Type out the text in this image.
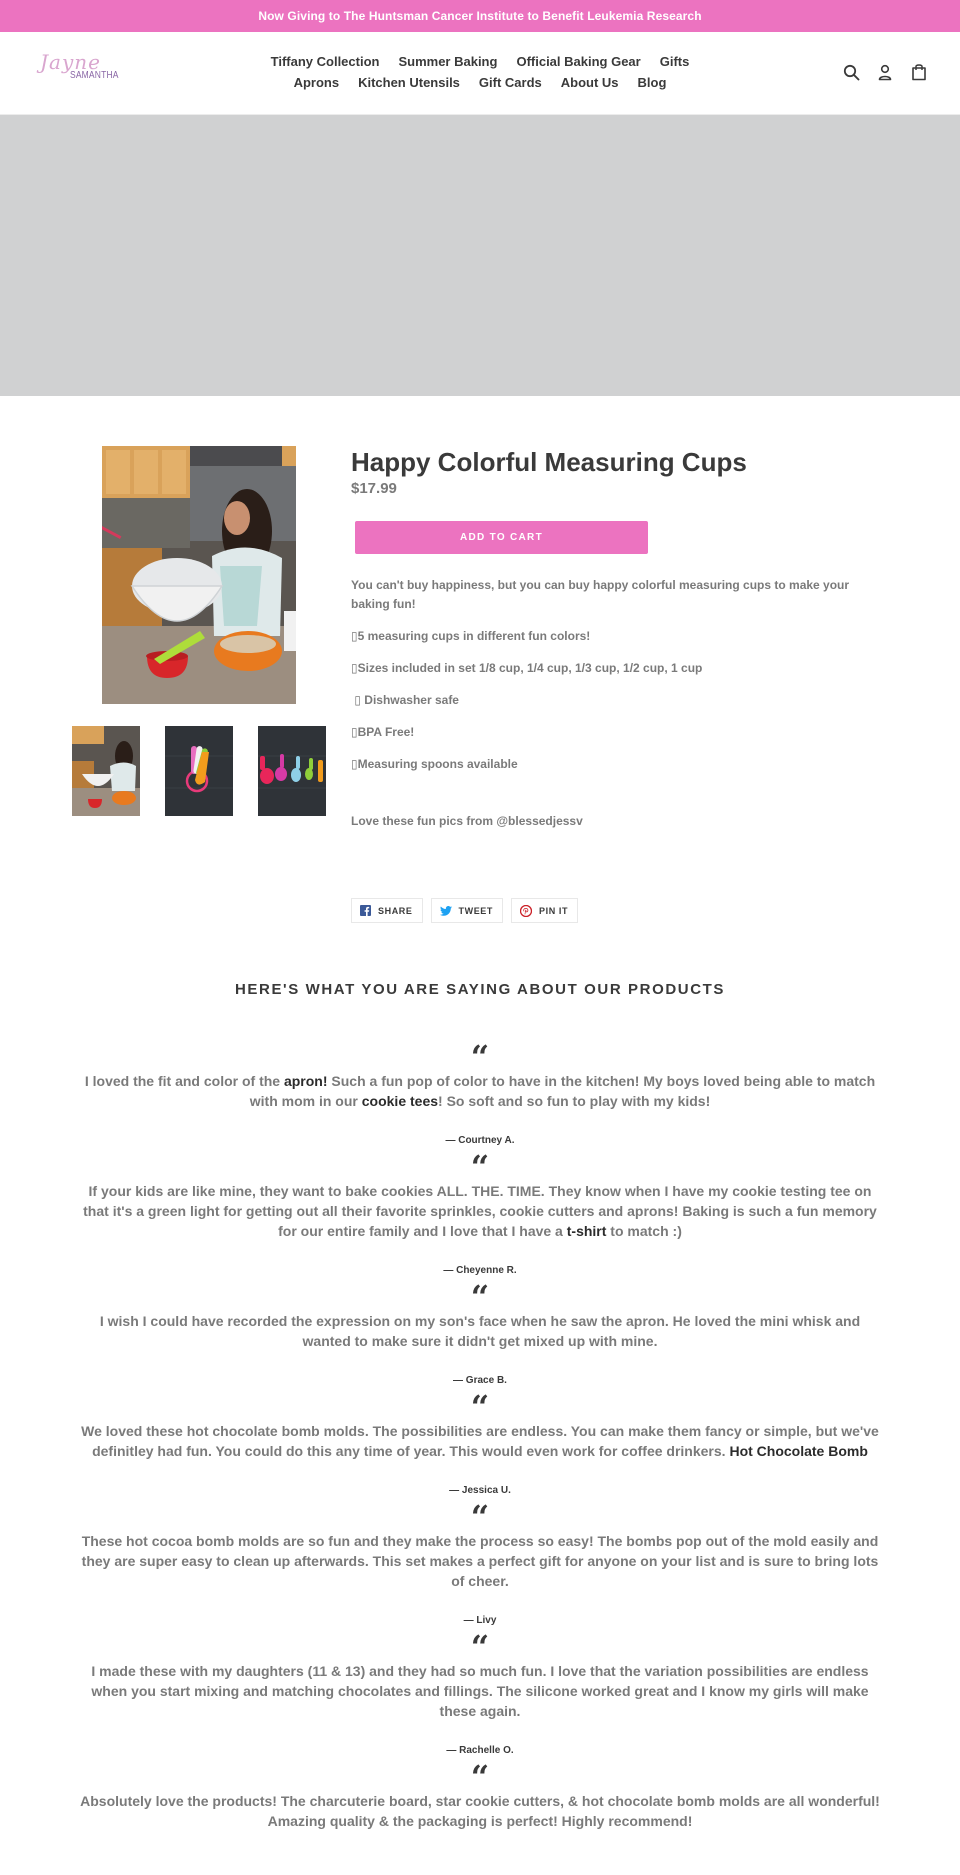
Now Giving to The Huntsman Cancer Institute to Benefit Leukemia Research
Jayne
SAMANTHA
Tiffany Collection Summer Baking Official Baking Gear Gifts
Aprons Kitchen Utensils Gift Cards About Us Blog
Happy Colorful Measuring Cups
$17.99
ADD TO CART

You can't buy happiness, but you can buy happy colorful measuring cups to make your baking fun!

▯5 measuring cups in different fun colors!

▯Sizes included in set 1/8 cup, 1/4 cup, 1/3 cup, 1/2 cup, 1 cup

▯ Dishwasher safe

▯BPA Free!

▯Measuring spoons available

Love these fun pics from @blessedjessv

SHARE	TWEET	PIN IT
HERE'S WHAT YOU ARE SAYING ABOUT OUR PRODUCTS
“

I loved the fit and color of the apron! Such a fun pop of color to have in the kitchen! My boys loved being able to match with mom in our cookie tees! So soft and so fun to play with my kids!

— Courtney A.
“

If your kids are like mine, they want to bake cookies ALL. THE. TIME. They know when I have my cookie testing tee on that it's a green light for getting out all their favorite sprinkles, cookie cutters and aprons! Baking is such a fun memory for our entire family and I love that I have a t-shirt to match :)

— Cheyenne R.
“

I wish I could have recorded the expression on my son's face when he saw the apron. He loved the mini whisk and wanted to make sure it didn't get mixed up with mine.

— Grace B.
“

We loved these hot chocolate bomb molds. The possibilities are endless. You can make them fancy or simple, but we've definitley had fun. You could do this any time of year. This would even work for coffee drinkers. Hot Chocolate Bomb

— Jessica U.
“

These hot cocoa bomb molds are so fun and they make the process so easy! The bombs pop out of the mold easily and they are super easy to clean up afterwards. This set makes a perfect gift for anyone on your list and is sure to bring lots of cheer.

— Livy
“

I made these with my daughters (11 & 13) and they had so much fun. I love that the variation possibilities are endless when you start mixing and matching chocolates and fillings. The silicone worked great and I know my girls will make these again.

— Rachelle O.
“

Absolutely love the products! The charcuterie board, star cookie cutters, & hot chocolate bomb molds are all wonderful! Amazing quality & the packaging is perfect! Highly recommend!
